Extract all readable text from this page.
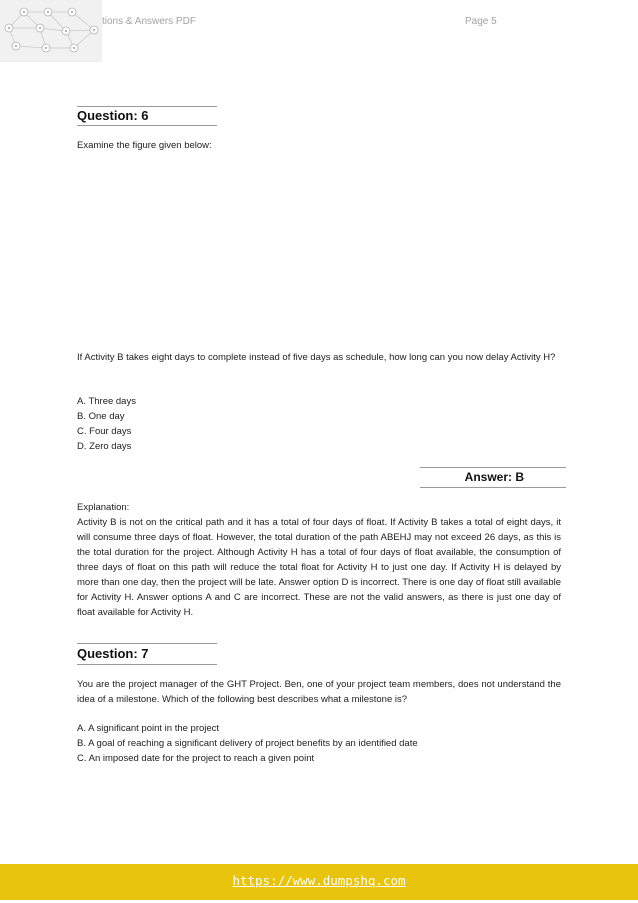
tions & Answers PDF	Page 5
Question: 6
Examine the figure given below:
If Activity B takes eight days to complete instead of five days as schedule, how long can you now delay Activity H?
A. Three days
B. One day
C. Four days
D. Zero days
Answer: B
Explanation:
Activity B is not on the critical path and it has a total of four days of float. If Activity B takes a total of eight days, it will consume three days of float. However, the total duration of the path ABEHJ may not exceed 26 days, as this is the total duration for the project. Although Activity H has a total of four days of float available, the consumption of three days of float on this path will reduce the total float for Activity H to just one day. If Activity H is delayed by more than one day, then the project will be late. Answer option D is incorrect. There is one day of float still available for Activity H. Answer options A and C are incorrect. These are not the valid answers, as there is just one day of float available for Activity H.
Question: 7
You are the project manager of the GHT Project. Ben, one of your project team members, does not understand the idea of a milestone. Which of the following best describes what a milestone is?
A. A significant point in the project
B. A goal of reaching a significant delivery of project benefits by an identified date
C. An imposed date for the project to reach a given point
https://www.dumpshq.com
